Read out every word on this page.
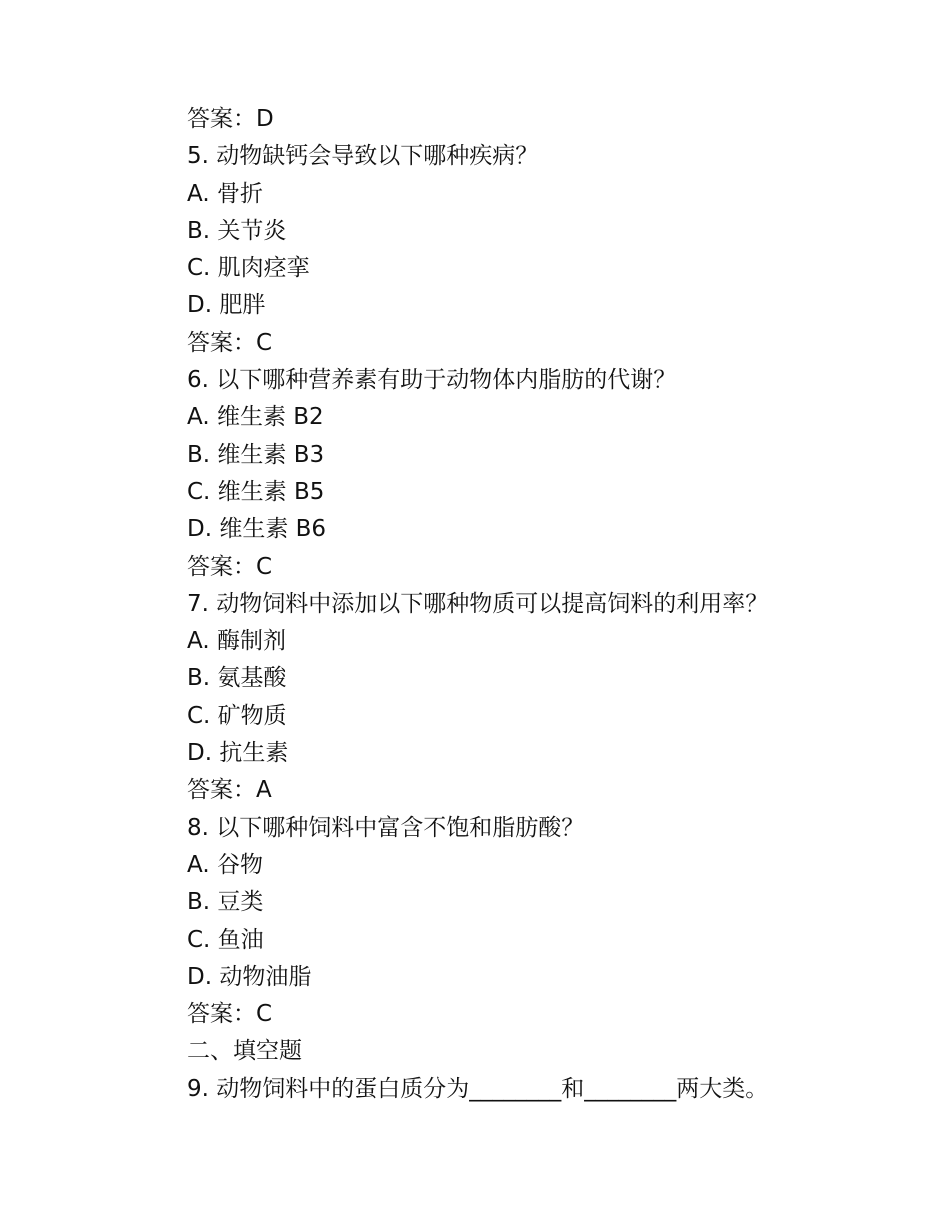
答案：D
5. 动物缺钙会导致以下哪种疾病？
A. 骨折
B. 关节炎
C. 肌肉痉挛
D. 肥胖
答案：C
6. 以下哪种营养素有助于动物体内脂肪的代谢？
A. 维生素 B2
B. 维生素 B3
C. 维生素 B5
D. 维生素 B6
答案：C
7. 动物饲料中添加以下哪种物质可以提高饲料的利用率？
A. 酶制剂
B. 氨基酸
C. 矿物质
D. 抗生素
答案：A
8. 以下哪种饲料中富含不饱和脂肪酸？
A. 谷物
B. 豆类
C. 鱼油
D. 动物油脂
答案：C
二、填空题
9. 动物饲料中的蛋白质分为________和________两大类。
